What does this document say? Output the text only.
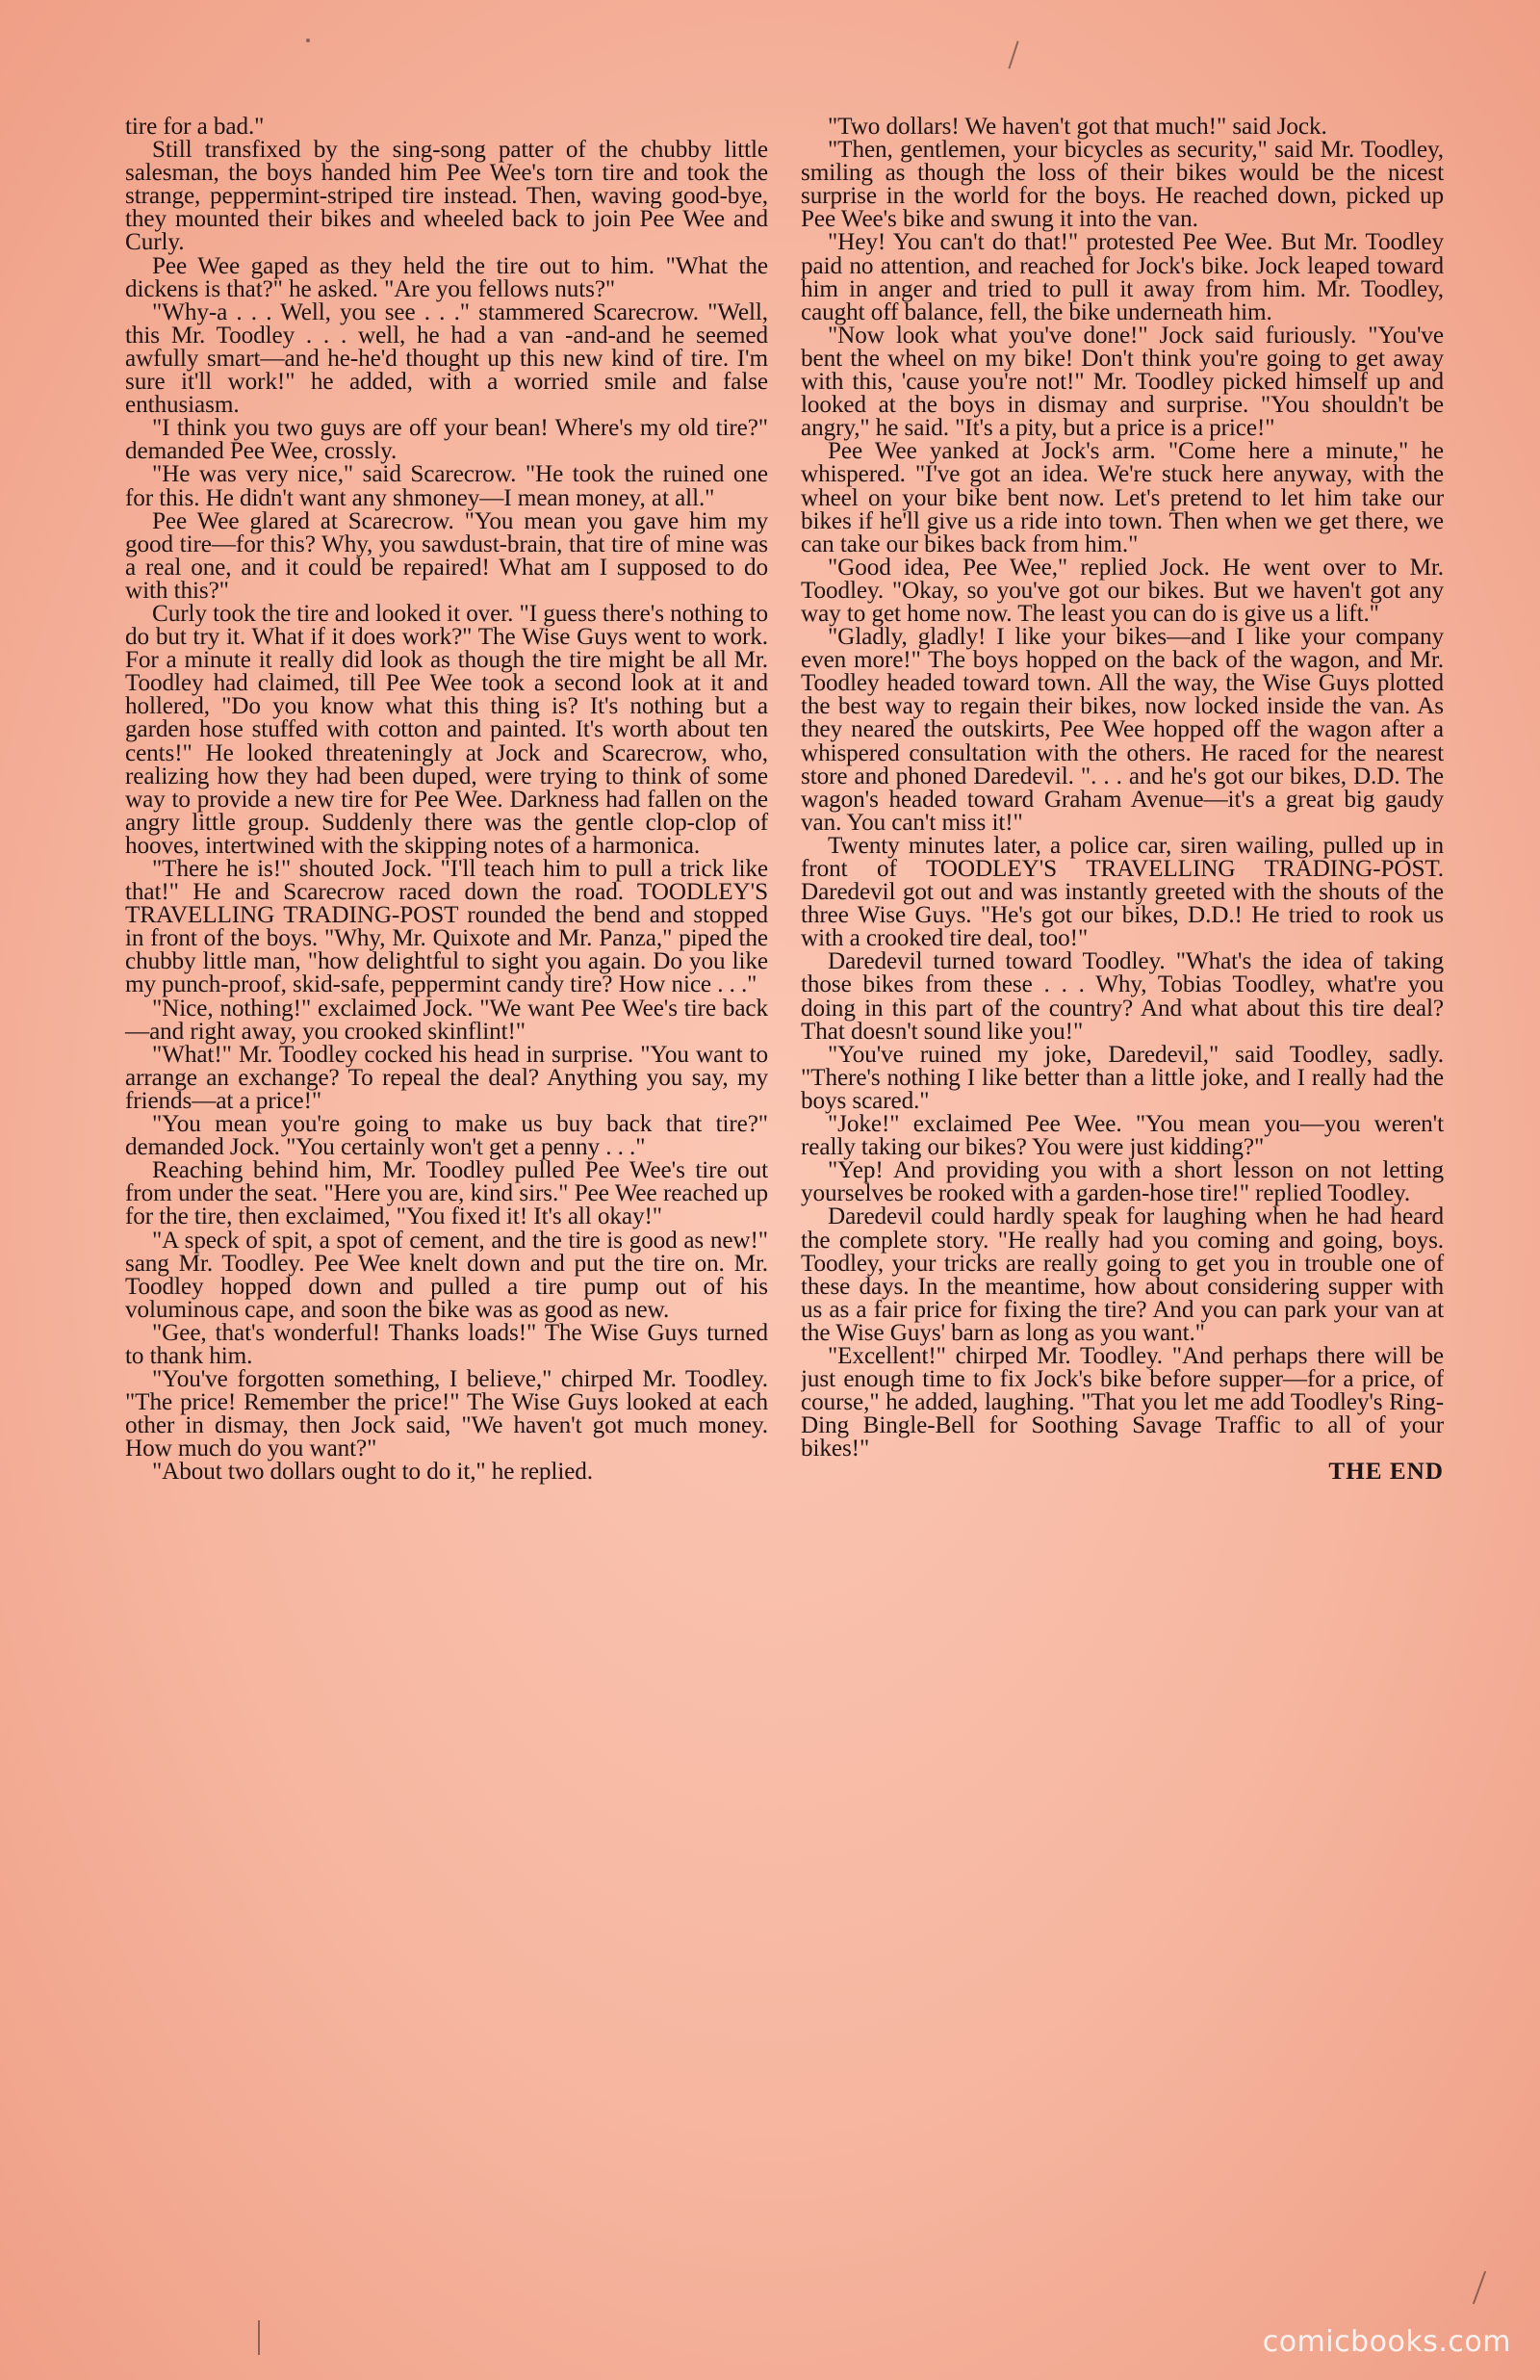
tire for a bad."

Still transfixed by the sing-song patter of the chubby little salesman, the boys handed him Pee Wee's torn tire and took the strange, peppermint-striped tire instead. Then, waving good-bye, they mounted their bikes and wheeled back to join Pee Wee and Curly.

Pee Wee gaped as they held the tire out to him. "What the dickens is that?" he asked. "Are you fellows nuts?"

"Why-a . . . Well, you see . . ." stammered Scarecrow. "Well, this Mr. Toodley . . . well, he had a van -and-and he seemed awfully smart—and he-he'd thought up this new kind of tire. I'm sure it'll work!" he added, with a worried smile and false enthusiasm.

"I think you two guys are off your bean! Where's my old tire?" demanded Pee Wee, crossly.

"He was very nice," said Scarecrow. "He took the ruined one for this. He didn't want any shmoney—I mean money, at all."

Pee Wee glared at Scarecrow. "You mean you gave him my good tire—for this? Why, you sawdust-brain, that tire of mine was a real one, and it could be repaired! What am I supposed to do with this?"

Curly took the tire and looked it over. "I guess there's nothing to do but try it. What if it does work?" The Wise Guys went to work. For a minute it really did look as though the tire might be all Mr. Toodley had claimed, till Pee Wee took a second look at it and hollered, "Do you know what this thing is? It's nothing but a garden hose stuffed with cotton and painted. It's worth about ten cents!" He looked threateningly at Jock and Scarecrow, who, realizing how they had been duped, were trying to think of some way to provide a new tire for Pee Wee. Darkness had fallen on the angry little group. Suddenly there was the gentle clop-clop of hooves, intertwined with the skipping notes of a harmonica.

"There he is!" shouted Jock. "I'll teach him to pull a trick like that!" He and Scarecrow raced down the road. TOODLEY'S TRAVELLING TRADING-POST rounded the bend and stopped in front of the boys. "Why, Mr. Quixote and Mr. Panza," piped the chubby little man, "how delightful to sight you again. Do you like my punch-proof, skid-safe, peppermint candy tire? How nice . . ."

"Nice, nothing!" exclaimed Jock. "We want Pee Wee's tire back—and right away, you crooked skinflint!"

"What!" Mr. Toodley cocked his head in surprise. "You want to arrange an exchange? To repeal the deal? Anything you say, my friends—at a price!"

"You mean you're going to make us buy back that tire?" demanded Jock. "You certainly won't get a penny . . ."

Reaching behind him, Mr. Toodley pulled Pee Wee's tire out from under the seat. "Here you are, kind sirs." Pee Wee reached up for the tire, then exclaimed, "You fixed it! It's all okay!"

"A speck of spit, a spot of cement, and the tire is good as new!" sang Mr. Toodley. Pee Wee knelt down and put the tire on. Mr. Toodley hopped down and pulled a tire pump out of his voluminous cape, and soon the bike was as good as new.

"Gee, that's wonderful! Thanks loads!" The Wise Guys turned to thank him.

"You've forgotten something, I believe," chirped Mr. Toodley. "The price! Remember the price!" The Wise Guys looked at each other in dismay, then Jock said, "We haven't got much money. How much do you want?"

"About two dollars ought to do it," he replied.

"Two dollars! We haven't got that much!" said Jock.

"Then, gentlemen, your bicycles as security," said Mr. Toodley, smiling as though the loss of their bikes would be the nicest surprise in the world for the boys. He reached down, picked up Pee Wee's bike and swung it into the van.

"Hey! You can't do that!" protested Pee Wee. But Mr. Toodley paid no attention, and reached for Jock's bike. Jock leaped toward him in anger and tried to pull it away from him. Mr. Toodley, caught off balance, fell, the bike underneath him.

"Now look what you've done!" Jock said furiously. "You've bent the wheel on my bike! Don't think you're going to get away with this, 'cause you're not!" Mr. Toodley picked himself up and looked at the boys in dismay and surprise. "You shouldn't be angry," he said. "It's a pity, but a price is a price!"

Pee Wee yanked at Jock's arm. "Come here a minute," he whispered. "I've got an idea. We're stuck here anyway, with the wheel on your bike bent now. Let's pretend to let him take our bikes if he'll give us a ride into town. Then when we get there, we can take our bikes back from him."

"Good idea, Pee Wee," replied Jock. He went over to Mr. Toodley. "Okay, so you've got our bikes. But we haven't got any way to get home now. The least you can do is give us a lift."

"Gladly, gladly! I like your bikes—and I like your company even more!" The boys hopped on the back of the wagon, and Mr. Toodley headed toward town. All the way, the Wise Guys plotted the best way to regain their bikes, now locked inside the van. As they neared the outskirts, Pee Wee hopped off the wagon after a whispered consultation with the others. He raced for the nearest store and phoned Daredevil. ". . . and he's got our bikes, D.D. The wagon's headed toward Graham Avenue—it's a great big gaudy van. You can't miss it!"

Twenty minutes later, a police car, siren wailing, pulled up in front of TOODLEY'S TRAVELLING TRADING-POST. Daredevil got out and was instantly greeted with the shouts of the three Wise Guys. "He's got our bikes, D.D.! He tried to rook us with a crooked tire deal, too!"

Daredevil turned toward Toodley. "What's the idea of taking those bikes from these . . . Why, Tobias Toodley, what're you doing in this part of the country? And what about this tire deal? That doesn't sound like you!"

"You've ruined my joke, Daredevil," said Toodley, sadly. "There's nothing I like better than a little joke, and I really had the boys scared."

"Joke!" exclaimed Pee Wee. "You mean you—you weren't really taking our bikes? You were just kidding?"

"Yep! And providing you with a short lesson on not letting yourselves be rooked with a garden-hose tire!" replied Toodley.

Daredevil could hardly speak for laughing when he had heard the complete story. "He really had you coming and going, boys. Toodley, your tricks are really going to get you in trouble one of these days. In the meantime, how about considering supper with us as a fair price for fixing the tire? And you can park your van at the Wise Guys' barn as long as you want."

"Excellent!" chirped Mr. Toodley. "And perhaps there will be just enough time to fix Jock's bike before supper—for a price, of course," he added, laughing. "That you let me add Toodley's Ring-Ding Bingle-Bell for Soothing Savage Traffic to all of your bikes!"

THE END
comicbooks.com
